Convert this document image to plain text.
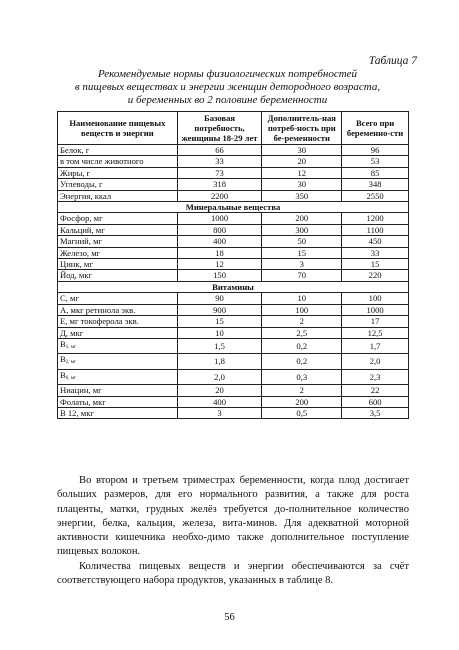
Таблица 7
Рекомендуемые нормы физиологических потребностей
в пищевых веществах и энергии женщин детородного возраста,
и беременных во 2 половине беременности
Наименование пищевых веществ и энергии	Базовая потребность, женщины 18-29 лет	Дополнитель-ная потреб-ность при бе-ременности	Всего при беременно-сти
Белок, г	66	30	96
в том числе животного	33	20	53
Жиры, г	73	12	85
Углеводы, г	318	30	348
Энергия, ккал	2200	350	2550
Минеральные вещества			
Фосфор, мг	1000	200	1200
Кальций, мг	800	300	1100
Магний, мг	400	50	450
Железо, мг	18	15	33
Цинк, мг	12	3	15
Йод, мкг	150	70	220
Витамины			
С, мг	90	10	100
А, мкг ретинола экв.	900	100	1000
Е, мг токоферола экв.	15	2	17
Д, мкг	10	2,5	12,5
$В_{1, мг}$	1,5	0,2	1,7
$В_{2, мг}$	1,8	0,2	2,0
$В_{6, мг}$	2,0	0,3	2,3
Ниацин, мг	20	2	22
Фолаты, мкг	400	200	600
В 12, мкг	3	0,5	3,5

Во втором и третьем триместрах беременности, когда плод достигает больших размеров, для его нормального развития, а также для роста плаценты, матки, грудных желёз требуется до-полнительное количество энергии, белка, кальция, железа, вита-минов. Для адекватной моторной активности кишечника необхо-димо также дополнительное поступление пищевых волокон.

Количества пищевых веществ и энергии обеспечиваются за счёт соответствующего набора продуктов, указанных в таблице 8.

56
